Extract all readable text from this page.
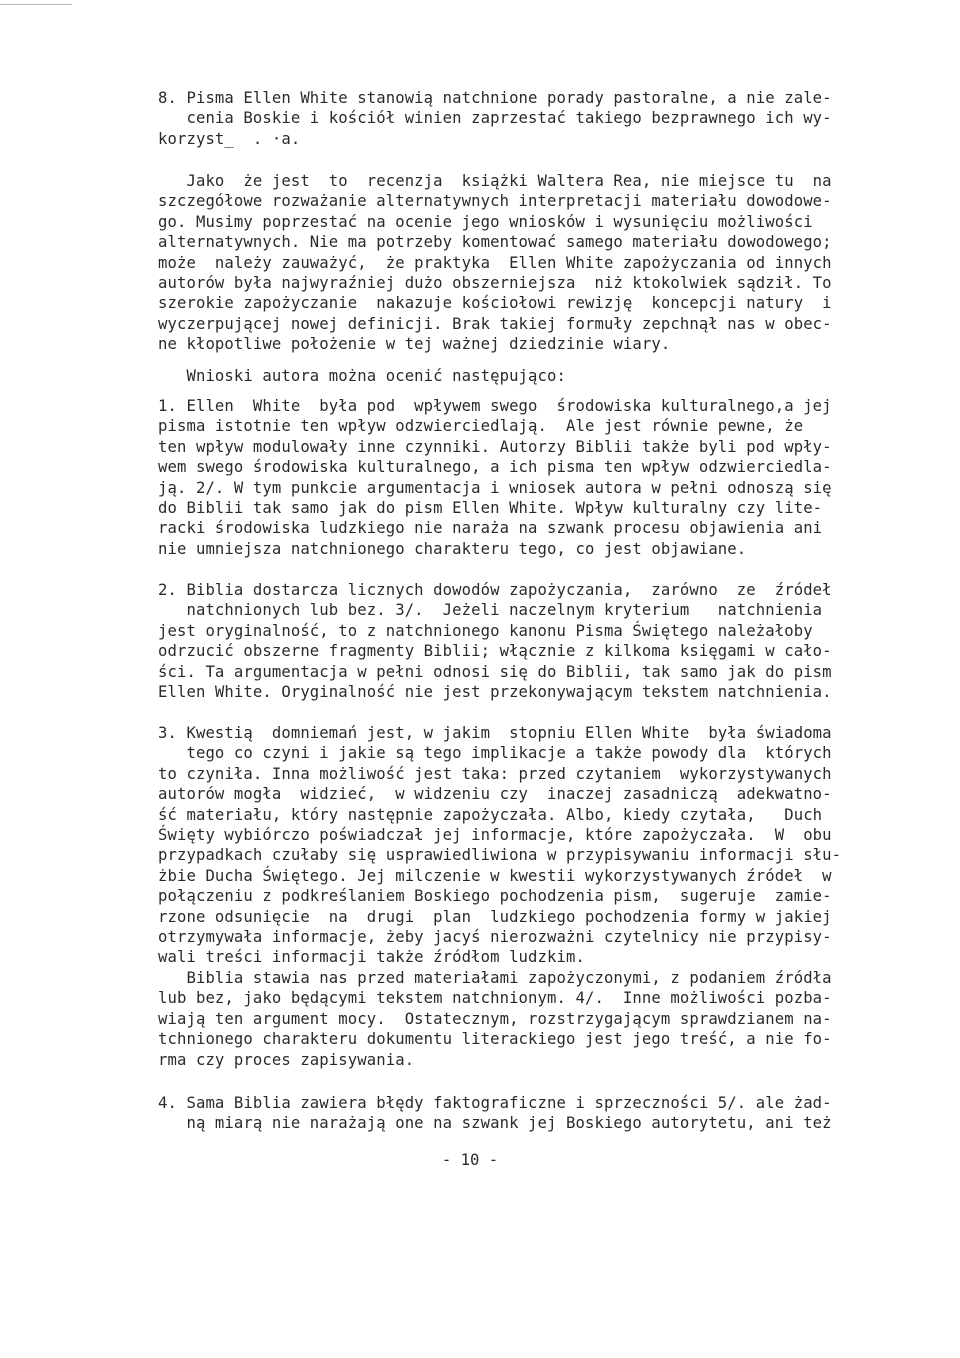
8. Pisma Ellen White stanowią natchnione porady pastoralne, a nie zale-
cenia Boskie i kościół winien zaprzestać takiego bezprawnego ich wy-
korzyst_  . ·a.
Jako  że jest  to  recenzja  książki Waltera Rea, nie miejsce tu  na
szczegółowe rozważanie alternatywnych interpretacji materiału dowodowe-
go. Musimy poprzestać na ocenie jego wniosków i wysunięciu możliwości
alternatywnych. Nie ma potrzeby komentować samego materiału dowodowego;
może  należy zauważyć,  że praktyka  Ellen White zapożyczania od innych
autorów była najwyraźniej dużo obszerniejsza  niż ktokolwiek sądził. To
szerokie zapożyczanie  nakazuje kościołowi rewizję  koncepcji natury  i
wyczerpującej nowej definicji. Brak takiej formuły zepchnął nas w obec-
ne kłopotliwe położenie w tej ważnej dziedzinie wiary.
Wnioski autora można ocenić następująco:
1. Ellen  White  była pod  wpływem swego  środowiska kulturalnego,a jej
pisma istotnie ten wpływ odzwierciedlają.  Ale jest równie pewne, że
ten wpływ modulowały inne czynniki. Autorzy Biblii także byli pod wpły-
wem swego środowiska kulturalnego, a ich pisma ten wpływ odzwierciedla-
ją. 2/. W tym punkcie argumentacja i wniosek autora w pełni odnoszą się
do Biblii tak samo jak do pism Ellen White. Wpływ kulturalny czy lite-
racki środowiska ludzkiego nie naraża na szwank procesu objawienia ani
nie umniejsza natchnionego charakteru tego, co jest objawiane.
2. Biblia dostarcza licznych dowodów zapożyczania,  zarówno  ze  źródeł
natchnionych lub bez. 3/.  Jeżeli naczelnym kryterium   natchnienia
jest oryginalność, to z natchnionego kanonu Pisma Świętego należałoby
odrzucić obszerne fragmenty Biblii; włącznie z kilkoma księgami w cało-
ści. Ta argumentacja w pełni odnosi się do Biblii, tak samo jak do pism
Ellen White. Oryginalność nie jest przekonywającym tekstem natchnienia.
3. Kwestią  domniemań jest, w jakim  stopniu Ellen White  była świadoma
tego co czyni i jakie są tego implikacje a także powody dla  których
to czyniła. Inna możliwość jest taka: przed czytaniem  wykorzystywanych
autorów mogła  widzieć,  w widzeniu czy  inaczej zasadniczą  adekwatno-
ść materiału, który następnie zapożyczała. Albo, kiedy czytała,   Duch
Święty wybiórczo poświadczał jej informacje, które zapożyczała.  W  obu
przypadkach czułaby się usprawiedliwiona w przypisywaniu informacji słu-
żbie Ducha Świętego. Jej milczenie w kwestii wykorzystywanych źródeł  w
połączeniu z podkreślaniem Boskiego pochodzenia pism,  sugeruje  zamie-
rzone odsunięcie  na  drugi  plan  ludzkiego pochodzenia formy w jakiej
otrzymywała informacje, żeby jacyś nierozważni czytelnicy nie przypisy-
wali treści informacji także źródłom ludzkim.
Biblia stawia nas przed materiałami zapożyczonymi, z podaniem źródła
lub bez, jako będącymi tekstem natchnionym. 4/.  Inne możliwości pozba-
wiają ten argument mocy.  Ostatecznym, rozstrzygającym sprawdzianem na-
tchnionego charakteru dokumentu literackiego jest jego treść, a nie fo-
rma czy proces zapisywania.
4. Sama Biblia zawiera błędy faktograficzne i sprzeczności 5/. ale żad-
ną miarą nie narażają one na szwank jej Boskiego autorytetu, ani też
- 10 -
